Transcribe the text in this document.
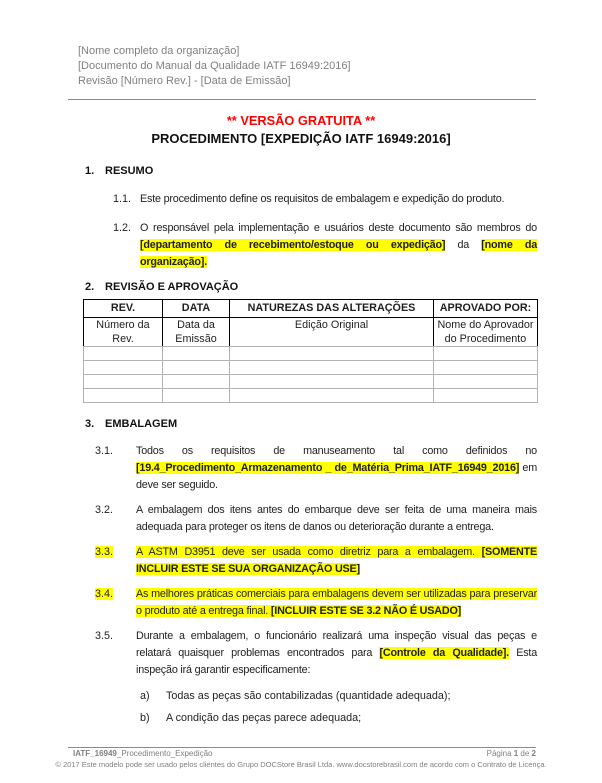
[Nome completo da organização]
[Documento do Manual da Qualidade IATF 16949:2016]
Revisão [Número Rev.] - [Data de Emissão]
** VERSÃO GRATUITA **
PROCEDIMENTO [EXPEDIÇÃO IATF 16949:2016]
1. RESUMO
1.1. Este procedimento define os requisitos de embalagem e expedição do produto.
1.2. O responsável pela implementação e usuários deste documento são membros do [departamento de recebimento/estoque ou expedição] da [nome da organização].
2. REVISÃO E APROVAÇÃO
REV.	DATA	NATUREZAS DAS ALTERAÇÕES	APROVADO POR:
Número da Rev.	Data da Emissão	Edição Original	Nome do Aprovador do Procedimento

3. EMBALAGEM
3.1.	Todos os requisitos de manuseamento tal como definidos no [19.4_Procedimento_Armazenamento _ de_Matéria_Prima_IATF_16949_2016] em deve ser seguido.
3.2.	A embalagem dos itens antes do embarque deve ser feita de uma maneira mais adequada para proteger os itens de danos ou deterioração durante a entrega.
3.3.	A ASTM D3951 deve ser usada como diretriz para a embalagem. [SOMENTE INCLUIR ESTE SE SUA ORGANIZAÇÃO USE]
3.4.	As melhores práticas comerciais para embalagens devem ser utilizadas para preservar o produto até a entrega final. [INCLUIR ESTE SE 3.2 NÃO É USADO]
3.5.	Durante a embalagem, o funcionário realizará uma inspeção visual das peças e relatará quaisquer problemas encontrados para [Controle da Qualidade]. Esta inspeção irá garantir especificamente:
a)	Todas as peças são contabilizadas (quantidade adequada);
b)	A condição das peças parece adequada;
IATF_16949_Procedimento_Expedição	Página 1 de 2
© 2017 Este modelo pode ser usado pelos clientes do Grupo DOCStore Brasil Ltda. www.docstorebrasil.com de acordo com o Contrato de Licença.
